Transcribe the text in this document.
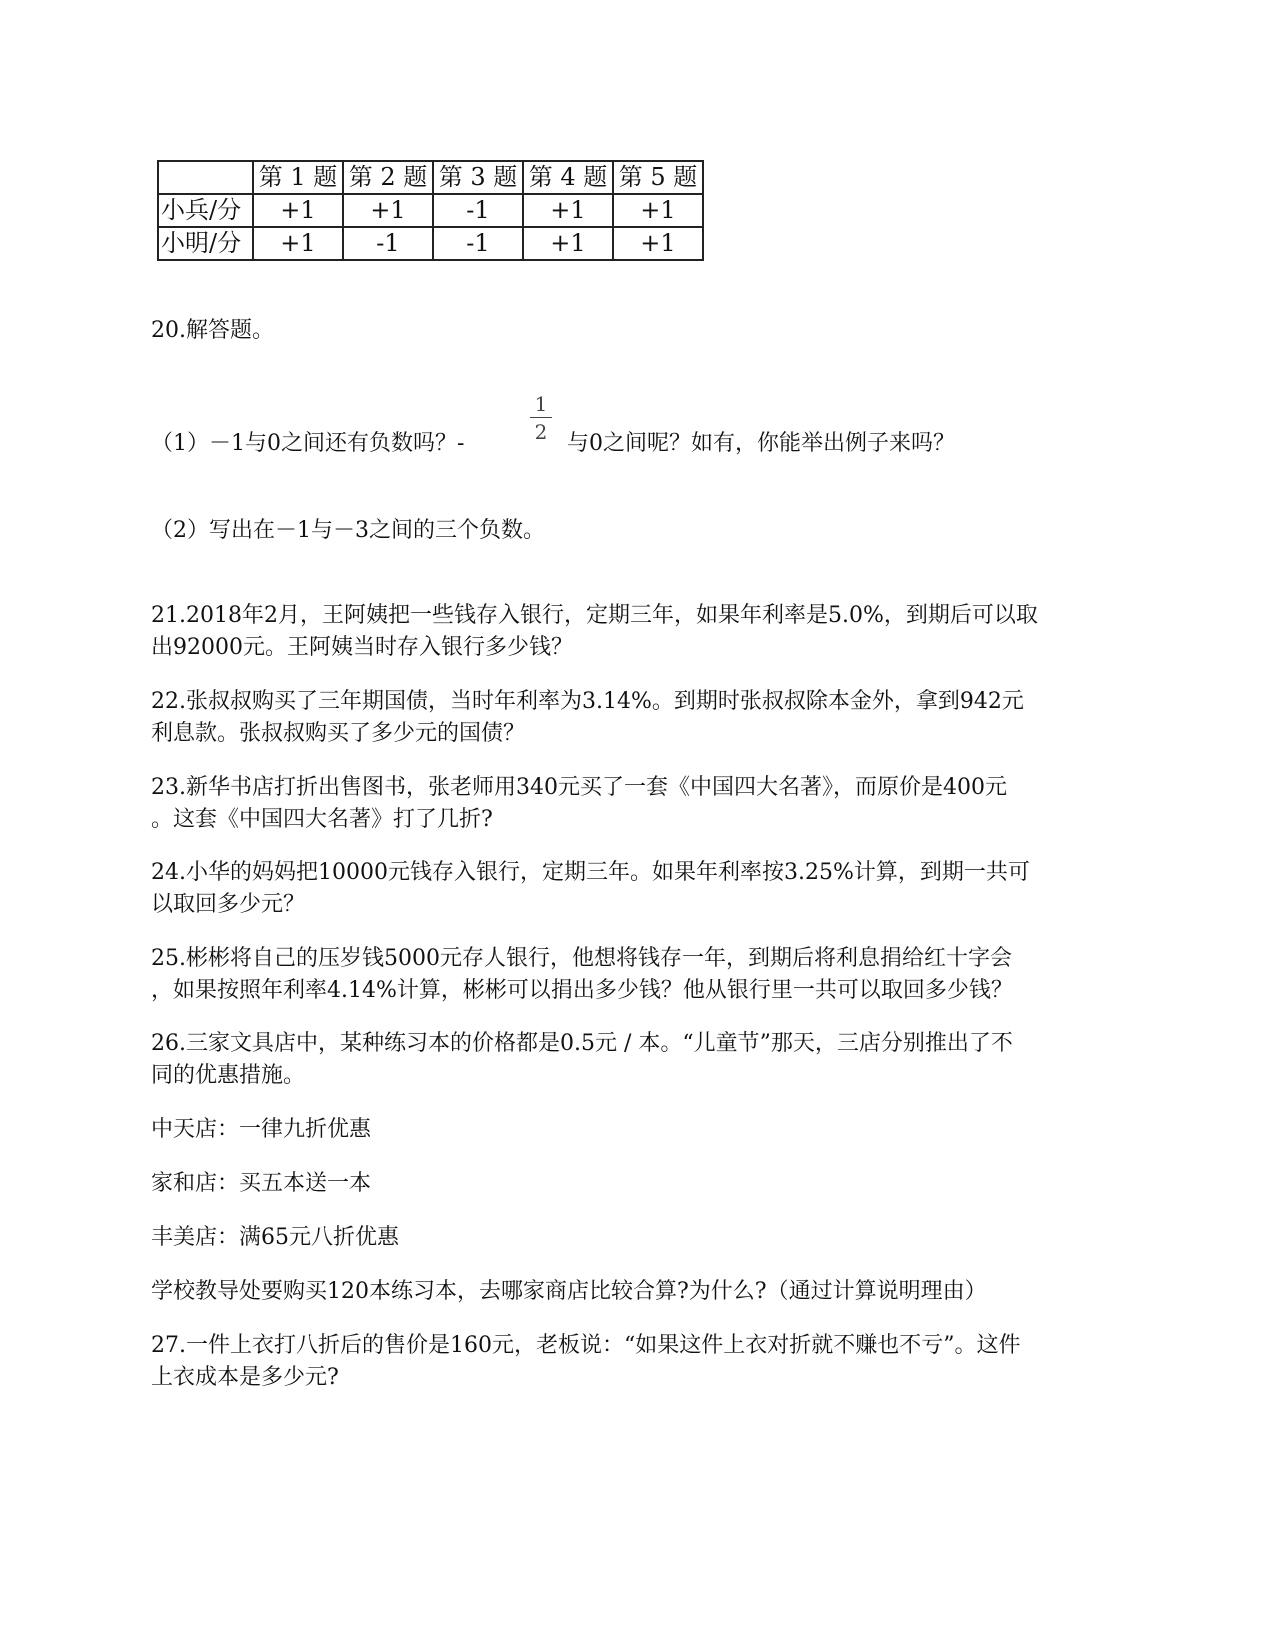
	第 1 题	第 2 题	第 3 题	第 4 题	第 5 题
小兵/分	+1	+1	-1	+1	+1
小明/分	+1	-1	-1	+1	+1
20.解答题。
（1）－1与0之间还有负数吗？-
1
2 与0之间呢？如有，你能举出例子来吗？
（2）写出在－1与－3之间的三个负数。
21.2018年2月，王阿姨把一些钱存入银行，定期三年，如果年利率是5.0%，到期后可以取
出92000元。王阿姨当时存入银行多少钱？
22.张叔叔购买了三年期国债，当时年利率为3.14%。到期时张叔叔除本金外，拿到942元
利息款。张叔叔购买了多少元的国债？
23.新华书店打折出售图书，张老师用340元买了一套《中国四大名著》，而原价是400元
。这套《中国四大名著》打了几折?
24.小华的妈妈把10000元钱存入银行，定期三年。如果年利率按3.25%计算，到期一共可
以取回多少元？
25.彬彬将自己的压岁钱5000元存人银行，他想将钱存一年，到期后将利息捐给红十字会
，如果按照年利率4.14%计算，彬彬可以捐出多少钱？他从银行里一共可以取回多少钱？
26.三家文具店中，某种练习本的价格都是0.5元 / 本。“儿童节”那天，三店分别推出了不
同的优惠措施。
中天店：一律九折优惠
家和店：买五本送一本
丰美店：满65元八折优惠
学校教导处要购买120本练习本，去哪家商店比较合算?为什么?（通过计算说明理由）
27.一件上衣打八折后的售价是160元，老板说：“如果这件上衣对折就不赚也不亏”。这件
上衣成本是多少元?
